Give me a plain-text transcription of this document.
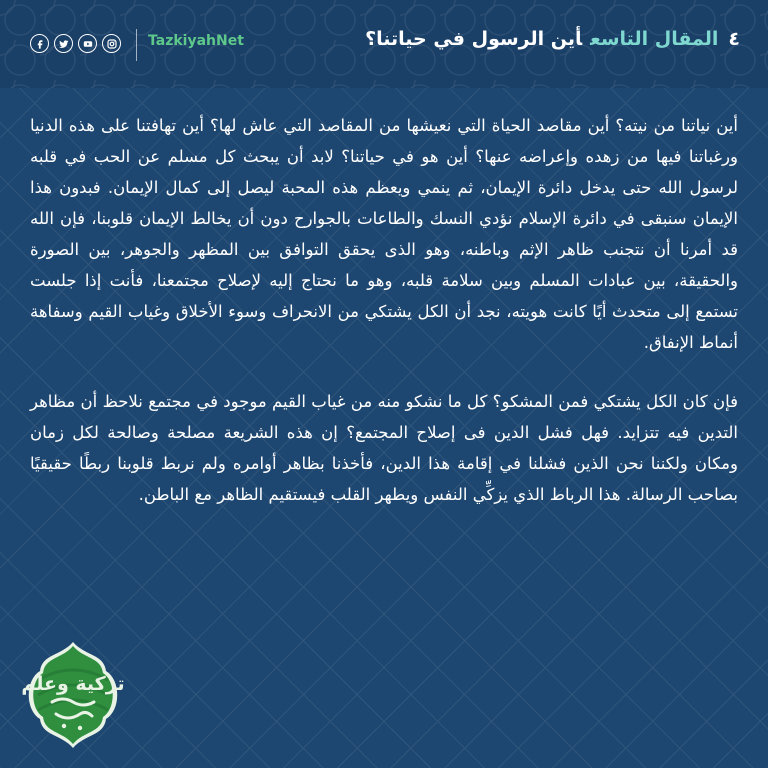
٤المقال التاسعأين الرسول في حياتنا؟
TazkiyahNet

أين نياتنا من نيته؟ أين مقاصد الحياة التي نعيشها من المقاصد التي عاش لها؟ أين تهافتنا على هذه الدنيا ورغباتنا فيها من زهده وإعراضه عنها؟ أين هو في حياتنا؟ لابد أن يبحث كل مسلم عن الحب في قلبه لرسول الله حتى يدخل دائرة الإيمان، ثم ينمي ويعظم هذه المحبة ليصل إلى كمال الإيمان. فبدون هذا الإيمان سنبقى في دائرة الإسلام نؤدي النسك والطاعات بالجوارح دون أن يخالط الإيمان قلوبنا، فإن الله قد أمرنا أن نتجنب ظاهر الإثم وباطنه، وهو الذى يحقق التوافق بين المظهر والجوهر، بين الصورة والحقيقة، بين عبادات المسلم وبين سلامة قلبه، وهو ما نحتاج إليه لإصلاح مجتمعنا، فأنت إذا جلست تستمع إلى متحدث أيًا كانت هويته، نجد أن الكل يشتكي من الانحراف وسوء الأخلاق وغياب القيم وسفاهة أنماط الإنفاق.

فإن كان الكل يشتكي فمن المشكو؟ كل ما نشكو منه من غياب القيم موجود في مجتمع نلاحظ أن مظاهر التدين فيه تتزايد. فهل فشل الدين فى إصلاح المجتمع؟ إن هذه الشريعة مصلحة وصالحة لكل زمان ومكان ولكننا نحن الذين فشلنا في إقامة هذا الدين، فأخذنا بظاهر أوامره ولم نربط قلوبنا ربطًا حقيقيًا بصاحب الرسالة. هذا الرباط الذي يزكِّي النفس ويطهر القلب فيستقيم الظاهر مع الباطن.

تزكية وعلم
